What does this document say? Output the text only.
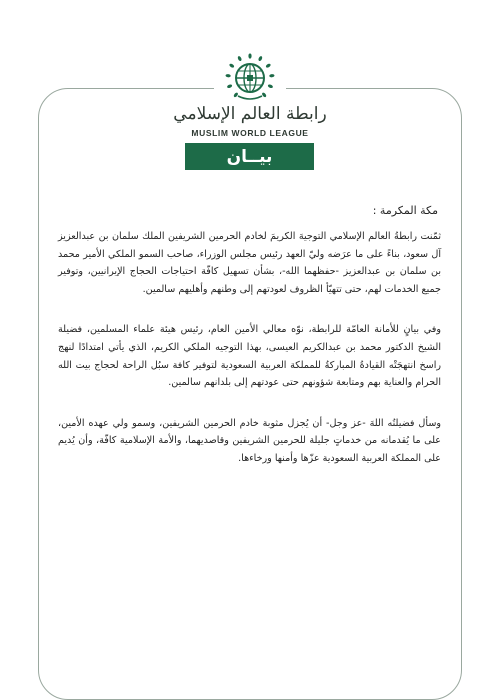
رابطة العالم الإسلامي
MUSLIM WORLD LEAGUE
بيــان
مكة المكرمة :

ثمّنت رابطةُ العالم الإسلامي التوجيهَ الكريمَ لخادم الحرمين الشريفين الملك سلمان بن عبدالعزيز آل سعود، بناءً على ما عرَضه وليّ العهد رئيس مجلس الوزراء، صاحب السمو الملكي الأمير محمد بن سلمان بن عبدالعزيز -حفظهما الله-، بشأن تسهيل كافّة احتياجات الحجاج الإيرانيين، وتوفير جميع الخدمات لهم، حتى تتهيّأ الظروف لعودتهم إلى وطنهم وأهليهم سالمين.

وفي بيانٍ للأمانة العامّة للرابطة، نوّه معالي الأمين العام، رئيس هيئة علماء المسلمين، فضيلة الشيخ الدكتور محمد بن عبدالكريم العيسى، بهذا التوجيه الملكي الكريم، الذي يأتي امتدادًا لنهج راسخ انتهجَتْه القيادةُ المباركةُ للمملكة العربية السعودية لتوفير كافة سبُل الراحة لحجاج بيت الله الحرام والعناية بهم ومتابعة شؤونهم حتى عودتهم إلى بلدانهم سالمين.

وسأل فضيلتُه اللهَ -عز وجل- أن يُجزل مثوبة خادم الحرمين الشريفين، وسمو ولي عهده الأمين، على ما يُقدمانه من خدماتٍ جليلة للحرمين الشريفين وقاصديهما، والأمة الإسلامية كافّة، وأن يُديم على المملكة العربية السعودية عزّها وأمنها ورخاءها.
